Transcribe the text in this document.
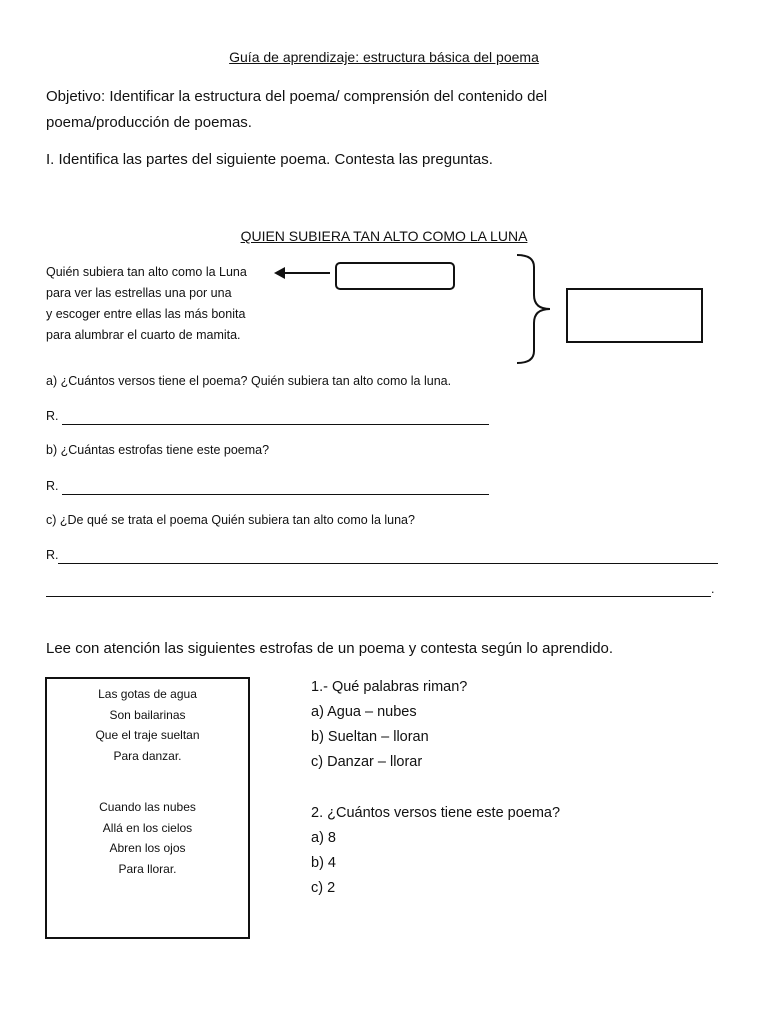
Guía de aprendizaje: estructura básica del poema
Objetivo: Identificar la estructura del poema/ comprensión del contenido del
poema/producción de poemas.
I. Identifica las partes del siguiente poema. Contesta las preguntas.
QUIEN SUBIERA TAN ALTO COMO LA LUNA
Quién subiera tan alto como la Luna
para ver las estrellas una por una
y escoger entre ellas las más bonita
para alumbrar el cuarto de mamita.
a) ¿Cuántos versos tiene el poema? Quién subiera tan alto como la luna.
R.
b) ¿Cuántas estrofas tiene este poema?
R.
c) ¿De qué se trata el poema Quién subiera tan alto como la luna?
R.
.
Lee con atención las siguientes estrofas de un poema y contesta según lo aprendido.
Las gotas de agua
Son bailarinas
Que el traje sueltan
Para danzar.
Cuando las nubes
Allá en los cielos
Abren los ojos
Para llorar.
1.- Qué palabras riman?
a) Agua – nubes
b) Sueltan – lloran
c) Danzar – llorar
2. ¿Cuántos versos tiene este poema?
a) 8
b) 4
c) 2
